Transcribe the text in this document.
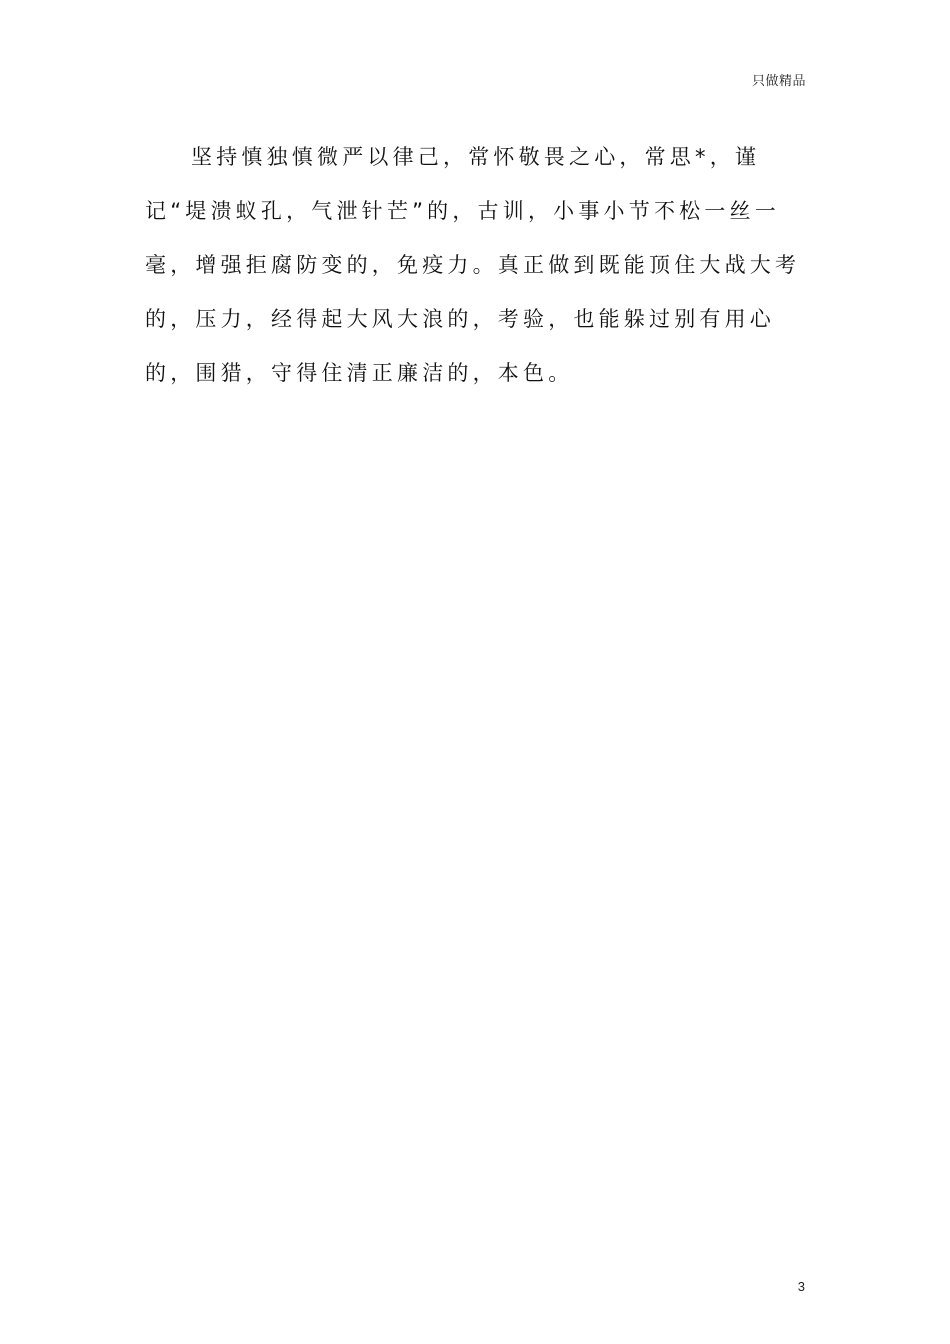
只做精品

坚持慎独慎微严以律己，常怀敬畏之心，常思*，谨记“堤溃蚁孔，气泄针芒”的，古训，小事小节不松一丝一毫，增强拒腐防变的，免疫力。真正做到既能顶住大战大考的，压力，经得起大风大浪的，考验，也能躲过别有用心的，围猎，守得住清正廉洁的，本色。

3
